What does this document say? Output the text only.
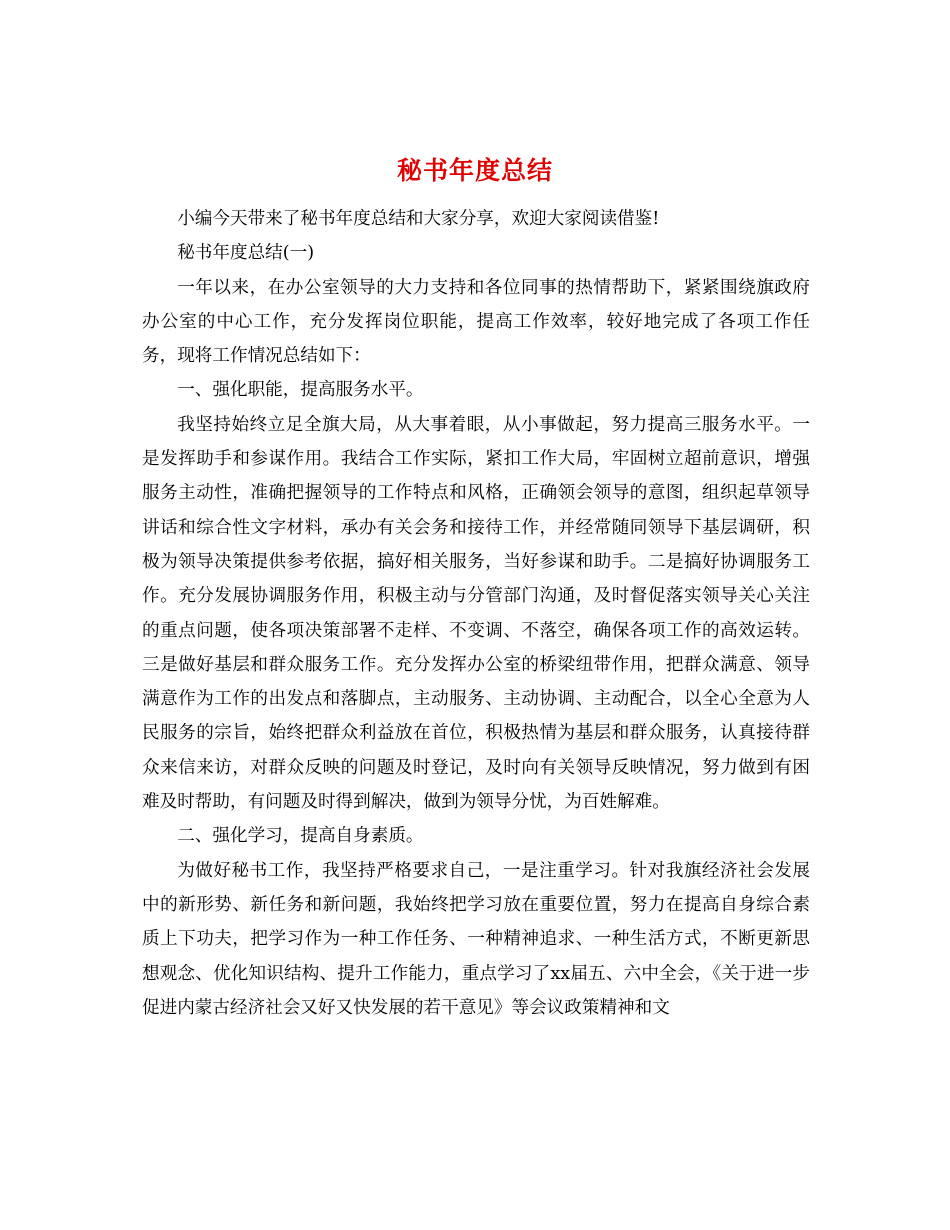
秘书年度总结

小编今天带来了秘书年度总结和大家分享，欢迎大家阅读借鉴!

秘书年度总结(一)

一年以来，在办公室领导的大力支持和各位同事的热情帮助下，紧紧围绕旗政府办公室的中心工作，充分发挥岗位职能，提高工作效率，较好地完成了各项工作任务，现将工作情况总结如下：

一、强化职能，提高服务水平。

我坚持始终立足全旗大局，从大事着眼，从小事做起，努力提高三服务水平。一是发挥助手和参谋作用。我结合工作实际，紧扣工作大局，牢固树立超前意识，增强服务主动性，准确把握领导的工作特点和风格，正确领会领导的意图，组织起草领导讲话和综合性文字材料，承办有关会务和接待工作，并经常随同领导下基层调研，积极为领导决策提供参考依据，搞好相关服务，当好参谋和助手。二是搞好协调服务工作。充分发展协调服务作用，积极主动与分管部门沟通，及时督促落实领导关心关注的重点问题，使各项决策部署不走样、不变调、不落空，确保各项工作的高效运转。三是做好基层和群众服务工作。充分发挥办公室的桥梁纽带作用，把群众满意、领导满意作为工作的出发点和落脚点，主动服务、主动协调、主动配合，以全心全意为人民服务的宗旨，始终把群众利益放在首位，积极热情为基层和群众服务，认真接待群众来信来访，对群众反映的问题及时登记，及时向有关领导反映情况，努力做到有困难及时帮助，有问题及时得到解决，做到为领导分忧，为百姓解难。

二、强化学习，提高自身素质。

为做好秘书工作，我坚持严格要求自己，一是注重学习。针对我旗经济社会发展中的新形势、新任务和新问题，我始终把学习放在重要位置，努力在提高自身综合素质上下功夫，把学习作为一种工作任务、一种精神追求、一种生活方式，不断更新思想观念、优化知识结构、提升工作能力，重点学习了xx届五、六中全会，《关于进一步促进内蒙古经济社会又好又快发展的若干意见》等会议政策精神和文
